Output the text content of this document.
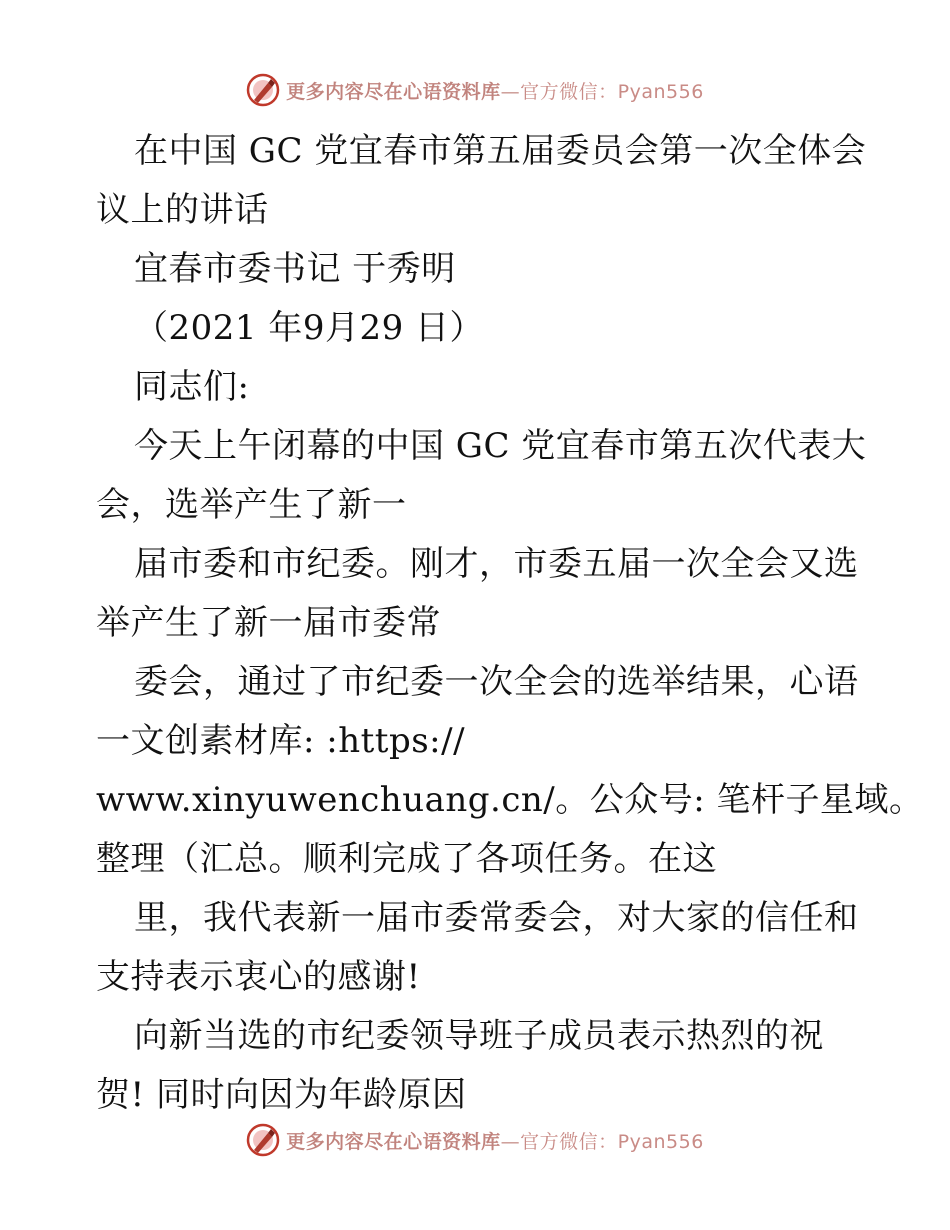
更多内容尽在心语资料库—官方微信：Pyan556
在中国 GC 党宜春市第五届委员会第一次全体会
议上的讲话
宜春市委书记 于秀明
（2021 年9月29 日）
同志们:
今天上午闭幕的中国 GC 党宜春市第五次代表大
会，选举产生了新一
届市委和市纪委。刚才，市委五届一次全会又选
举产生了新一届市委常
委会，通过了市纪委一次全会的选举结果，心语
一文创素材库: :https://
www.xinyuwenchuang.cn/。公众号: 笔杆子星域。
整理（汇总。顺利完成了各项任务。在这
里，我代表新一届市委常委会，对大家的信任和
支持表示衷心的感谢!
向新当选的市纪委领导班子成员表示热烈的祝
贺! 同时向因为年龄原因
更多内容尽在心语资料库—官方微信：Pyan556
